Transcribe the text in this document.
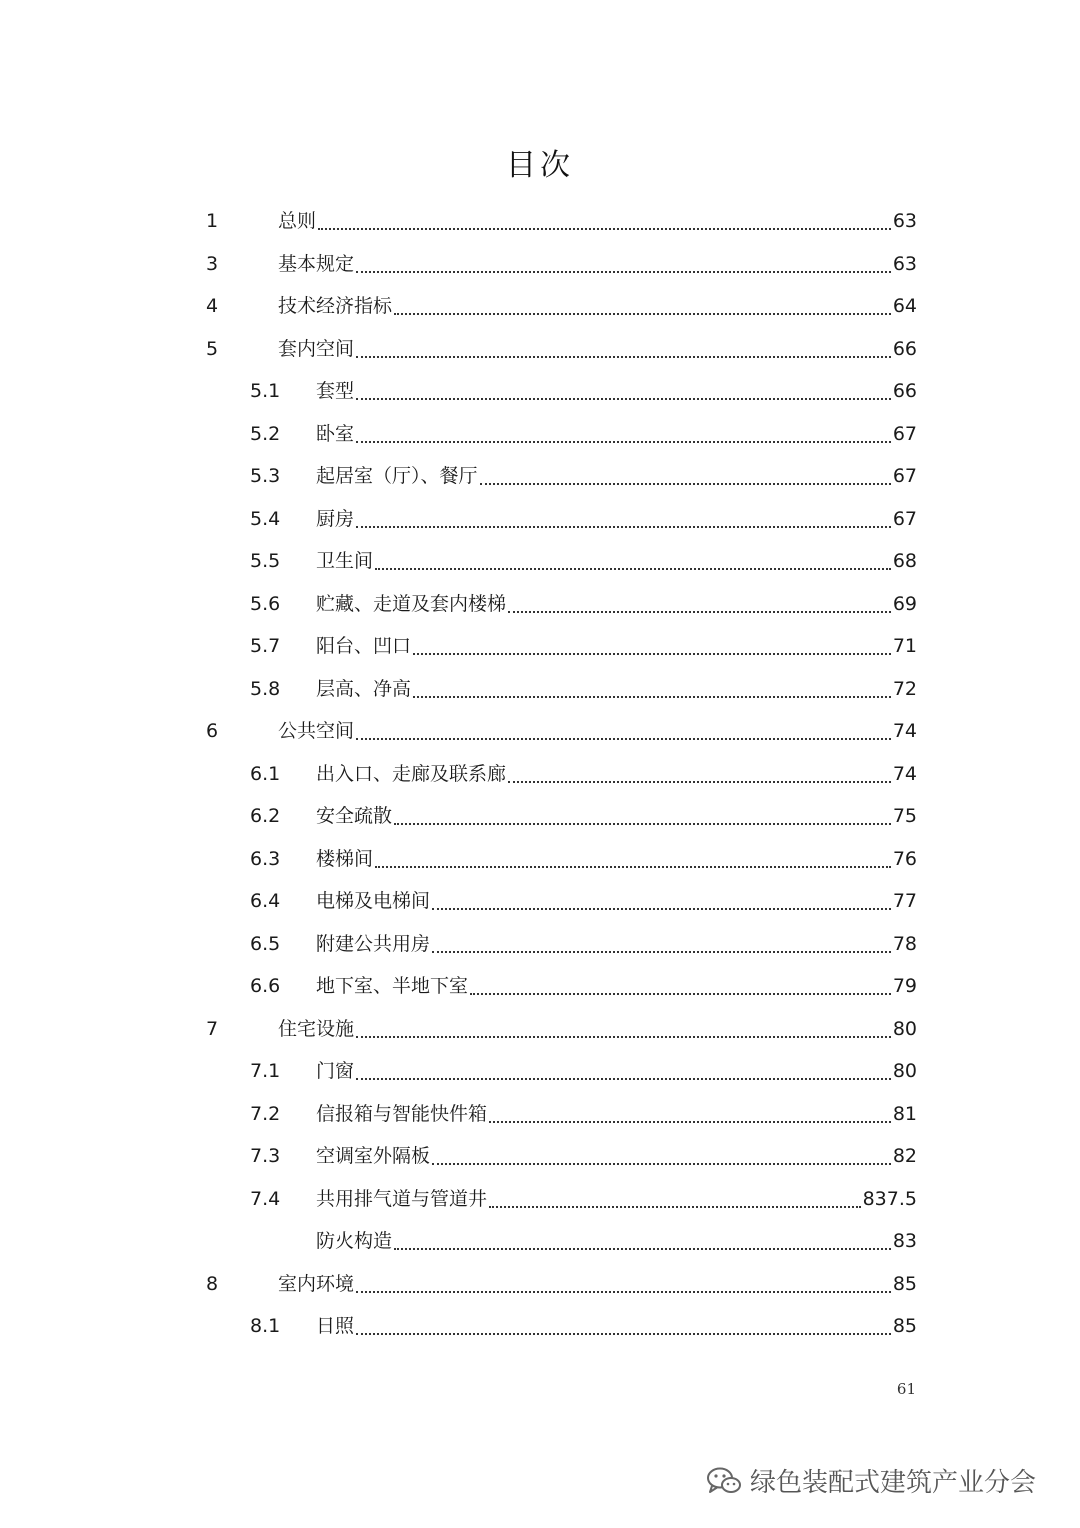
目次
1	总则	63
3	基本规定	63
4	技术经济指标	64
5	套内空间	66
5.1 套型	66
5.2 卧室	67
5.3 起居室（厅）、餐厅	67
5.4 厨房	67
5.5 卫生间	68
5.6 贮藏、走道及套内楼梯	69
5.7 阳台、凹口	71
5.8 层高、净高	72
6	公共空间	74
6.1 出入口、走廊及联系廊	74
6.2 安全疏散	75
6.3 楼梯间	76
6.4 电梯及电梯间	77
6.5 附建公共用房	78
6.6 地下室、半地下室	79
7	住宅设施	80
7.1 门窗	80
7.2 信报箱与智能快件箱	81
7.3 空调室外隔板	82
7.4 共用排气道与管道井	837.5
防火构造	83
8	室内环境	85
8.1 日照	85
61
绿色装配式建筑产业分会
